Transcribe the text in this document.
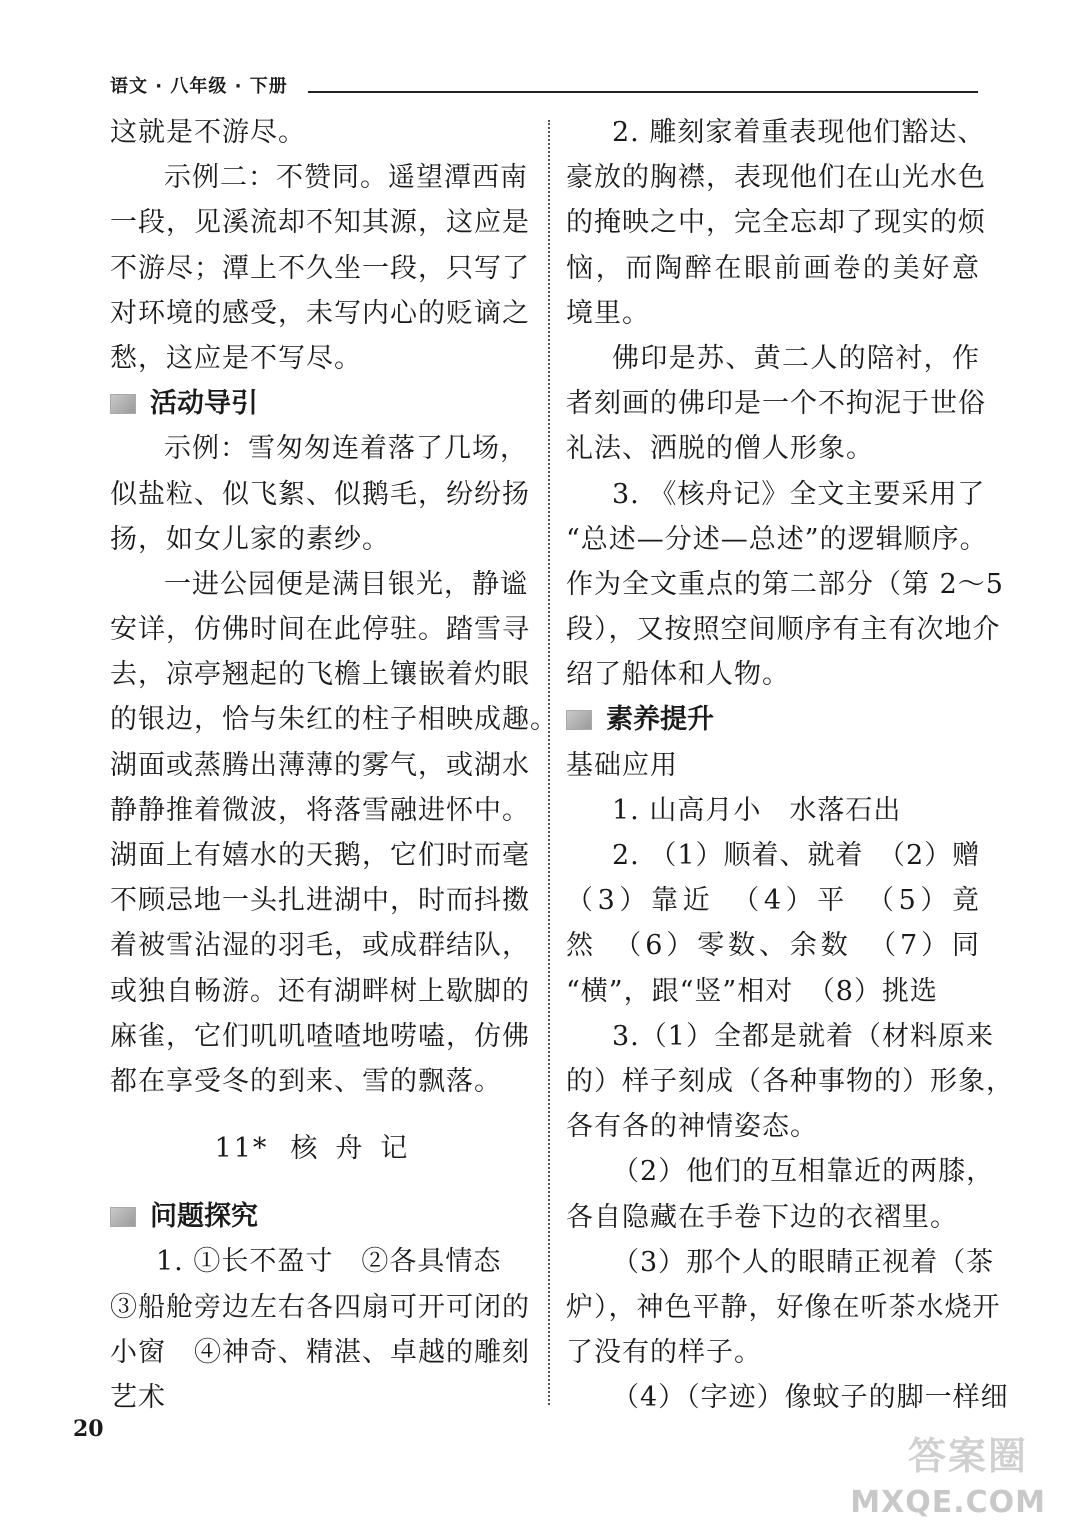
语文 · 八年级 · 下册
这就是不游尽。
示例二：不赞同。遥望潭西南
一段，见溪流却不知其源，这应是
不游尽；潭上不久坐一段，只写了
对环境的感受，未写内心的贬谪之
愁，这应是不写尽。
活动导引
示例：雪匆匆连着落了几场，
似盐粒、似飞絮、似鹅毛，纷纷扬
扬，如女儿家的素纱。
一进公园便是满目银光，静谧
安详，仿佛时间在此停驻。踏雪寻
去，凉亭翘起的飞檐上镶嵌着灼眼
的银边，恰与朱红的柱子相映成趣。
湖面或蒸腾出薄薄的雾气，或湖水
静静推着微波，将落雪融进怀中。
湖面上有嬉水的天鹅，它们时而毫
不顾忌地一头扎进湖中，时而抖擞
着被雪沾湿的羽毛，或成群结队，
或独自畅游。还有湖畔树上歇脚的
麻雀，它们叽叽喳喳地唠嗑，仿佛
都在享受冬的到来、雪的飘落。
11* 核舟记
问题探究
1. ①长不盈寸　②各具情态
③船舱旁边左右各四扇可开可闭的
小窗　④神奇、精湛、卓越的雕刻
艺术
2. 雕刻家着重表现他们豁达、
豪放的胸襟，表现他们在山光水色
的掩映之中，完全忘却了现实的烦
恼，而陶醉在眼前画卷的美好意
境里。
佛印是苏、黄二人的陪衬，作
者刻画的佛印是一个不拘泥于世俗
礼法、洒脱的僧人形象。
3. 《核舟记》全文主要采用了
“总述—分述—总述”的逻辑顺序。
作为全文重点的第二部分（第 2～5
段），又按照空间顺序有主有次地介
绍了船体和人物。
素养提升
基础应用
1. 山高月小　水落石出
2. （1）顺着、就着　（2）赠
（3）靠近　（4）平　（5）竟
然　（6）零数、余数　（7）同
“横”，跟“竖”相对　（8）挑选
3.（1）全都是就着（材料原来
的）样子刻成（各种事物的）形象，
各有各的神情姿态。
（2）他们的互相靠近的两膝，
各自隐藏在手卷下边的衣褶里。
（3）那个人的眼睛正视着（茶
炉），神色平静，好像在听茶水烧开
了没有的样子。
（4）（字迹）像蚊子的脚一样细
20
答案圈
MXQE.COM
